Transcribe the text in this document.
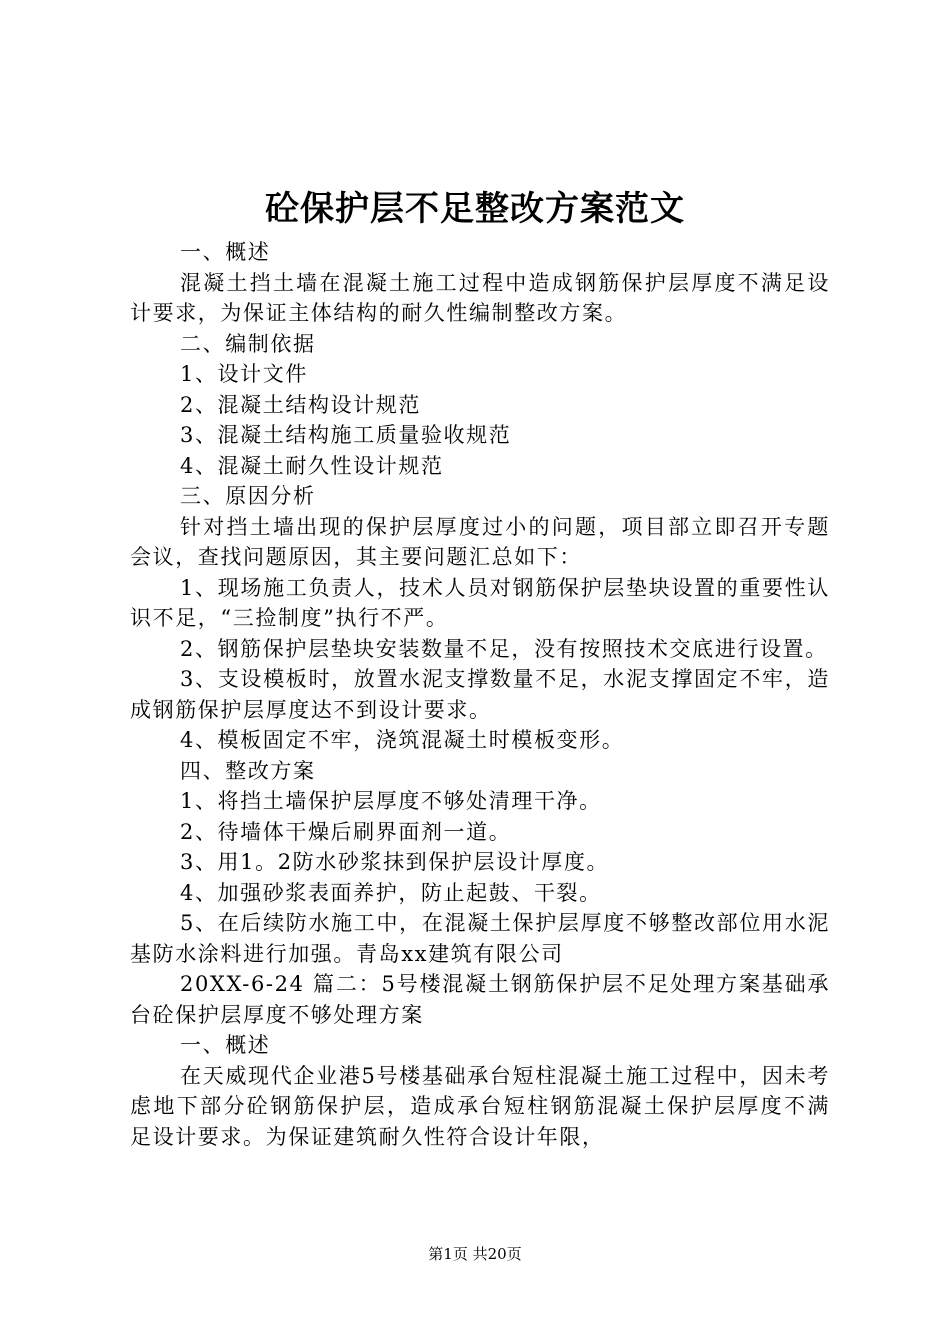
砼保护层不足整改方案范文

一、概述

混凝土挡土墙在混凝土施工过程中造成钢筋保护层厚度不满足设计要求，为保证主体结构的耐久性编制整改方案。

二、编制依据

1、设计文件

2、混凝土结构设计规范

3、混凝土结构施工质量验收规范

4、混凝土耐久性设计规范

三、原因分析

针对挡土墙出现的保护层厚度过小的问题，项目部立即召开专题会议，查找问题原因，其主要问题汇总如下：

1、现场施工负责人，技术人员对钢筋保护层垫块设置的重要性认识不足，“三捡制度”执行不严。

2、钢筋保护层垫块安装数量不足，没有按照技术交底进行设置。

3、支设模板时，放置水泥支撑数量不足，水泥支撑固定不牢，造成钢筋保护层厚度达不到设计要求。

4、模板固定不牢，浇筑混凝土时模板变形。

四、整改方案

1、将挡土墙保护层厚度不够处清理干净。

2、待墙体干燥后刷界面剂一道。

3、用1。2防水砂浆抹到保护层设计厚度。

4、加强砂浆表面养护，防止起鼓、干裂。

5、在后续防水施工中，在混凝土保护层厚度不够整改部位用水泥基防水涂料进行加强。青岛xx建筑有限公司

20XX-6-24 篇二：5号楼混凝土钢筋保护层不足处理方案基础承台砼保护层厚度不够处理方案

一、概述

在天威现代企业港5号楼基础承台短柱混凝土施工过程中，因未考虑地下部分砼钢筋保护层，造成承台短柱钢筋混凝土保护层厚度不满足设计要求。为保证建筑耐久性符合设计年限，

第1页 共20页
